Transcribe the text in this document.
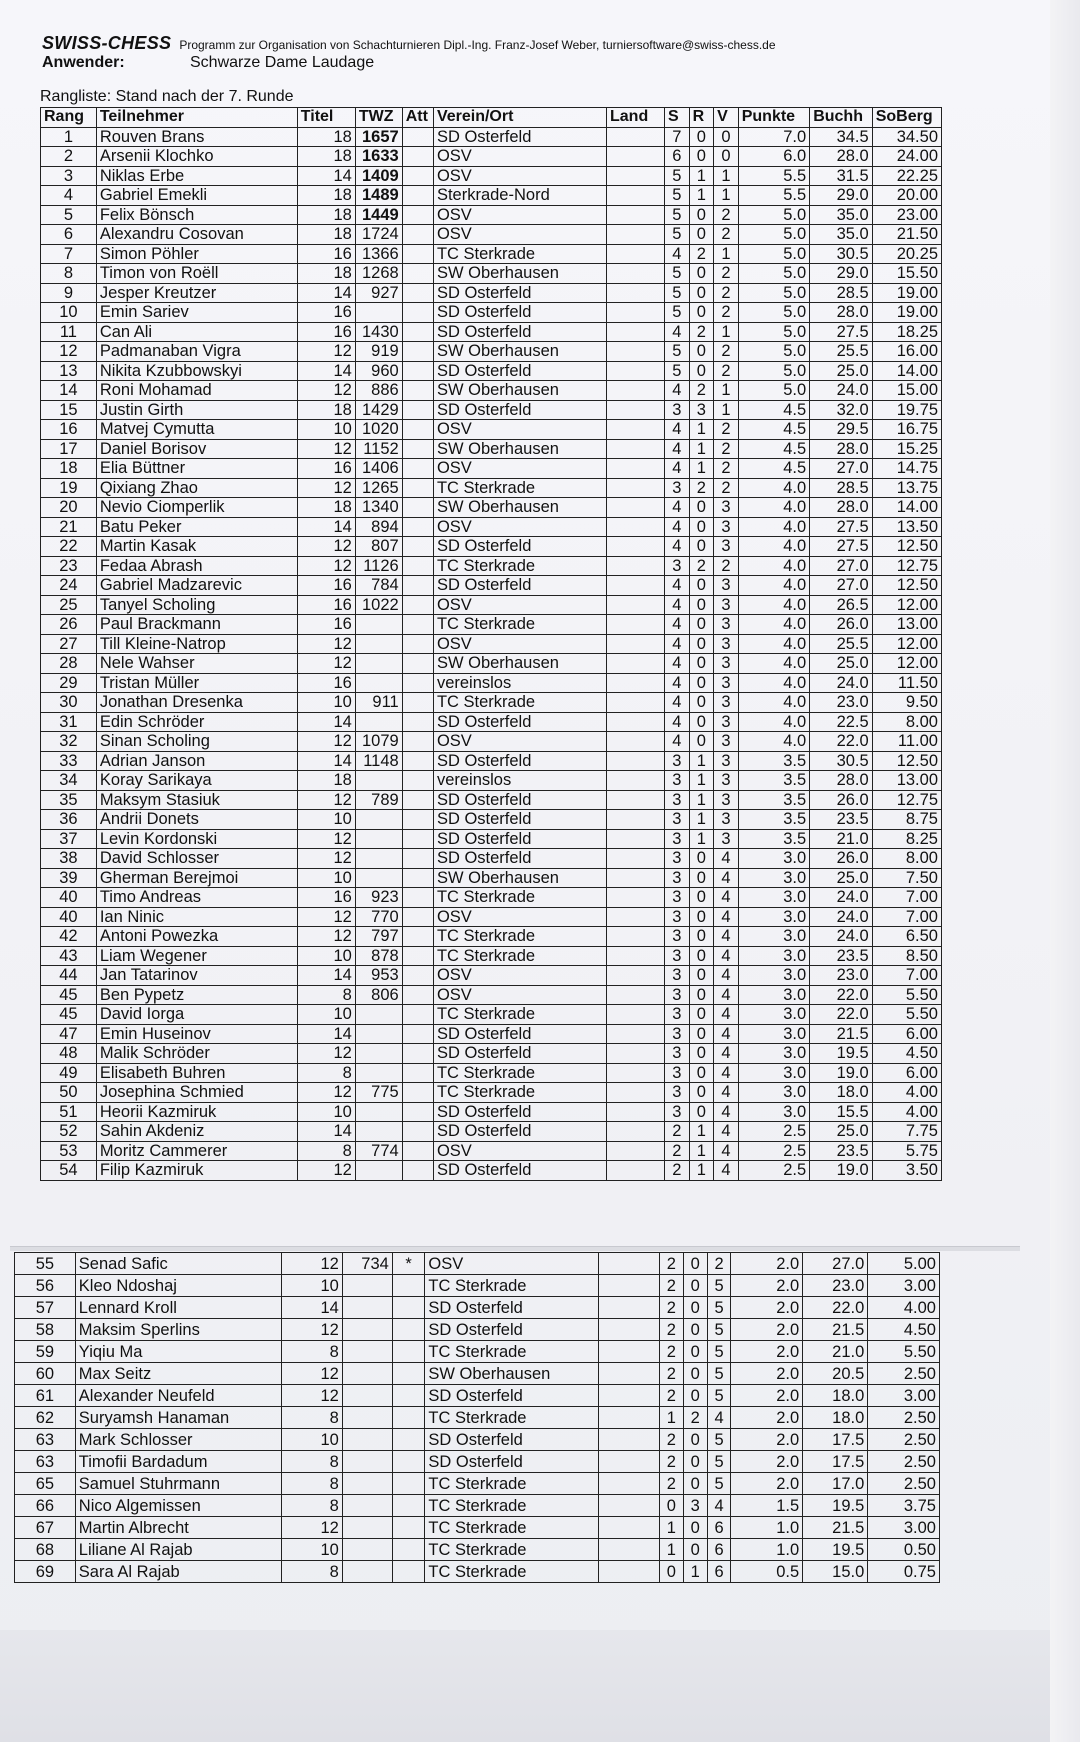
SWISS-CHESS Programm zur Organisation von Schachturnieren Dipl.-Ing. Franz-Josef Weber, turniersoftware@swiss-chess.de
Anwender:	Schwarze Dame Laudage
Rangliste: Stand nach der 7. Runde
Rang	Teilnehmer	Titel	TWZ	Att	Verein/Ort	Land	S	R	V	Punkte	Buchh	SoBerg
1	Rouven Brans	18	1657		SD Osterfeld		7	0	0	7.0	34.5	34.50
2	Arsenii Klochko	18	1633		OSV		6	0	0	6.0	28.0	24.00
3	Niklas Erbe	14	1409		OSV		5	1	1	5.5	31.5	22.25
4	Gabriel Emekli	18	1489		Sterkrade-Nord		5	1	1	5.5	29.0	20.00
5	Felix Bönsch	18	1449		OSV		5	0	2	5.0	35.0	23.00
6	Alexandru Cosovan	18	1724		OSV		5	0	2	5.0	35.0	21.50
7	Simon Pöhler	16	1366		TC Sterkrade		4	2	1	5.0	30.5	20.25
8	Timon von Roëll	18	1268		SW Oberhausen		5	0	2	5.0	29.0	15.50
9	Jesper Kreutzer	14	927		SD Osterfeld		5	0	2	5.0	28.5	19.00
10	Emin Sariev	16			SD Osterfeld		5	0	2	5.0	28.0	19.00
11	Can Ali	16	1430		SD Osterfeld		4	2	1	5.0	27.5	18.25
12	Padmanaban Vigra	12	919		SW Oberhausen		5	0	2	5.0	25.5	16.00
13	Nikita Kzubbowskyi	14	960		SD Osterfeld		5	0	2	5.0	25.0	14.00
14	Roni Mohamad	12	886		SW Oberhausen		4	2	1	5.0	24.0	15.00
15	Justin Girth	18	1429		SD Osterfeld		3	3	1	4.5	32.0	19.75
16	Matvej Cymutta	10	1020		OSV		4	1	2	4.5	29.5	16.75
17	Daniel Borisov	12	1152		SW Oberhausen		4	1	2	4.5	28.0	15.25
18	Elia Büttner	16	1406		OSV		4	1	2	4.5	27.0	14.75
19	Qixiang Zhao	12	1265		TC Sterkrade		3	2	2	4.0	28.5	13.75
20	Nevio Ciomperlik	18	1340		SW Oberhausen		4	0	3	4.0	28.0	14.00
21	Batu Peker	14	894		OSV		4	0	3	4.0	27.5	13.50
22	Martin Kasak	12	807		SD Osterfeld		4	0	3	4.0	27.5	12.50
23	Fedaa Abrash	12	1126		TC Sterkrade		3	2	2	4.0	27.0	12.75
24	Gabriel Madzarevic	16	784		SD Osterfeld		4	0	3	4.0	27.0	12.50
25	Tanyel Scholing	16	1022		OSV		4	0	3	4.0	26.5	12.00
26	Paul Brackmann	16			TC Sterkrade		4	0	3	4.0	26.0	13.00
27	Till Kleine-Natrop	12			OSV		4	0	3	4.0	25.5	12.00
28	Nele Wahser	12			SW Oberhausen		4	0	3	4.0	25.0	12.00
29	Tristan Müller	16			vereinslos		4	0	3	4.0	24.0	11.50
30	Jonathan Dresenka	10	911		TC Sterkrade		4	0	3	4.0	23.0	9.50
31	Edin Schröder	14			SD Osterfeld		4	0	3	4.0	22.5	8.00
32	Sinan Scholing	12	1079		OSV		4	0	3	4.0	22.0	11.00
33	Adrian Janson	14	1148		SD Osterfeld		3	1	3	3.5	30.5	12.50
34	Koray Sarikaya	18			vereinslos		3	1	3	3.5	28.0	13.00
35	Maksym Stasiuk	12	789		SD Osterfeld		3	1	3	3.5	26.0	12.75
36	Andrii Donets	10			SD Osterfeld		3	1	3	3.5	23.5	8.75
37	Levin Kordonski	12			SD Osterfeld		3	1	3	3.5	21.0	8.25
38	David Schlosser	12			SD Osterfeld		3	0	4	3.0	26.0	8.00
39	Gherman Berejmoi	10			SW Oberhausen		3	0	4	3.0	25.0	7.50
40	Timo Andreas	16	923		TC Sterkrade		3	0	4	3.0	24.0	7.00
40	Ian Ninic	12	770		OSV		3	0	4	3.0	24.0	7.00
42	Antoni Powezka	12	797		TC Sterkrade		3	0	4	3.0	24.0	6.50
43	Liam Wegener	10	878		TC Sterkrade		3	0	4	3.0	23.5	8.50
44	Jan Tatarinov	14	953		OSV		3	0	4	3.0	23.0	7.00
45	Ben Pypetz	8	806		OSV		3	0	4	3.0	22.0	5.50
45	David Iorga	10			TC Sterkrade		3	0	4	3.0	22.0	5.50
47	Emin Huseinov	14			SD Osterfeld		3	0	4	3.0	21.5	6.00
48	Malik Schröder	12			SD Osterfeld		3	0	4	3.0	19.5	4.50
49	Elisabeth Buhren	8			TC Sterkrade		3	0	4	3.0	19.0	6.00
50	Josephina Schmied	12	775		TC Sterkrade		3	0	4	3.0	18.0	4.00
51	Heorii Kazmiruk	10			SD Osterfeld		3	0	4	3.0	15.5	4.00
52	Sahin Akdeniz	14			SD Osterfeld		2	1	4	2.5	25.0	7.75
53	Moritz Cammerer	8	774		OSV		2	1	4	2.5	23.5	5.75
54	Filip Kazmiruk	12			SD Osterfeld		2	1	4	2.5	19.0	3.50
55	Senad Safic	12	734	*	OSV		2	0	2	2.0	27.0	5.00
56	Kleo Ndoshaj	10			TC Sterkrade		2	0	5	2.0	23.0	3.00
57	Lennard Kroll	14			SD Osterfeld		2	0	5	2.0	22.0	4.00
58	Maksim Sperlins	12			SD Osterfeld		2	0	5	2.0	21.5	4.50
59	Yiqiu Ma	8			TC Sterkrade		2	0	5	2.0	21.0	5.50
60	Max Seitz	12			SW Oberhausen		2	0	5	2.0	20.5	2.50
61	Alexander Neufeld	12			SD Osterfeld		2	0	5	2.0	18.0	3.00
62	Suryamsh Hanaman	8			TC Sterkrade		1	2	4	2.0	18.0	2.50
63	Mark Schlosser	10			SD Osterfeld		2	0	5	2.0	17.5	2.50
63	Timofii Bardadum	8			SD Osterfeld		2	0	5	2.0	17.5	2.50
65	Samuel Stuhrmann	8			TC Sterkrade		2	0	5	2.0	17.0	2.50
66	Nico Algemissen	8			TC Sterkrade		0	3	4	1.5	19.5	3.75
67	Martin Albrecht	12			TC Sterkrade		1	0	6	1.0	21.5	3.00
68	Liliane Al Rajab	10			TC Sterkrade		1	0	6	1.0	19.5	0.50
69	Sara Al Rajab	8			TC Sterkrade		0	1	6	0.5	15.0	0.75
